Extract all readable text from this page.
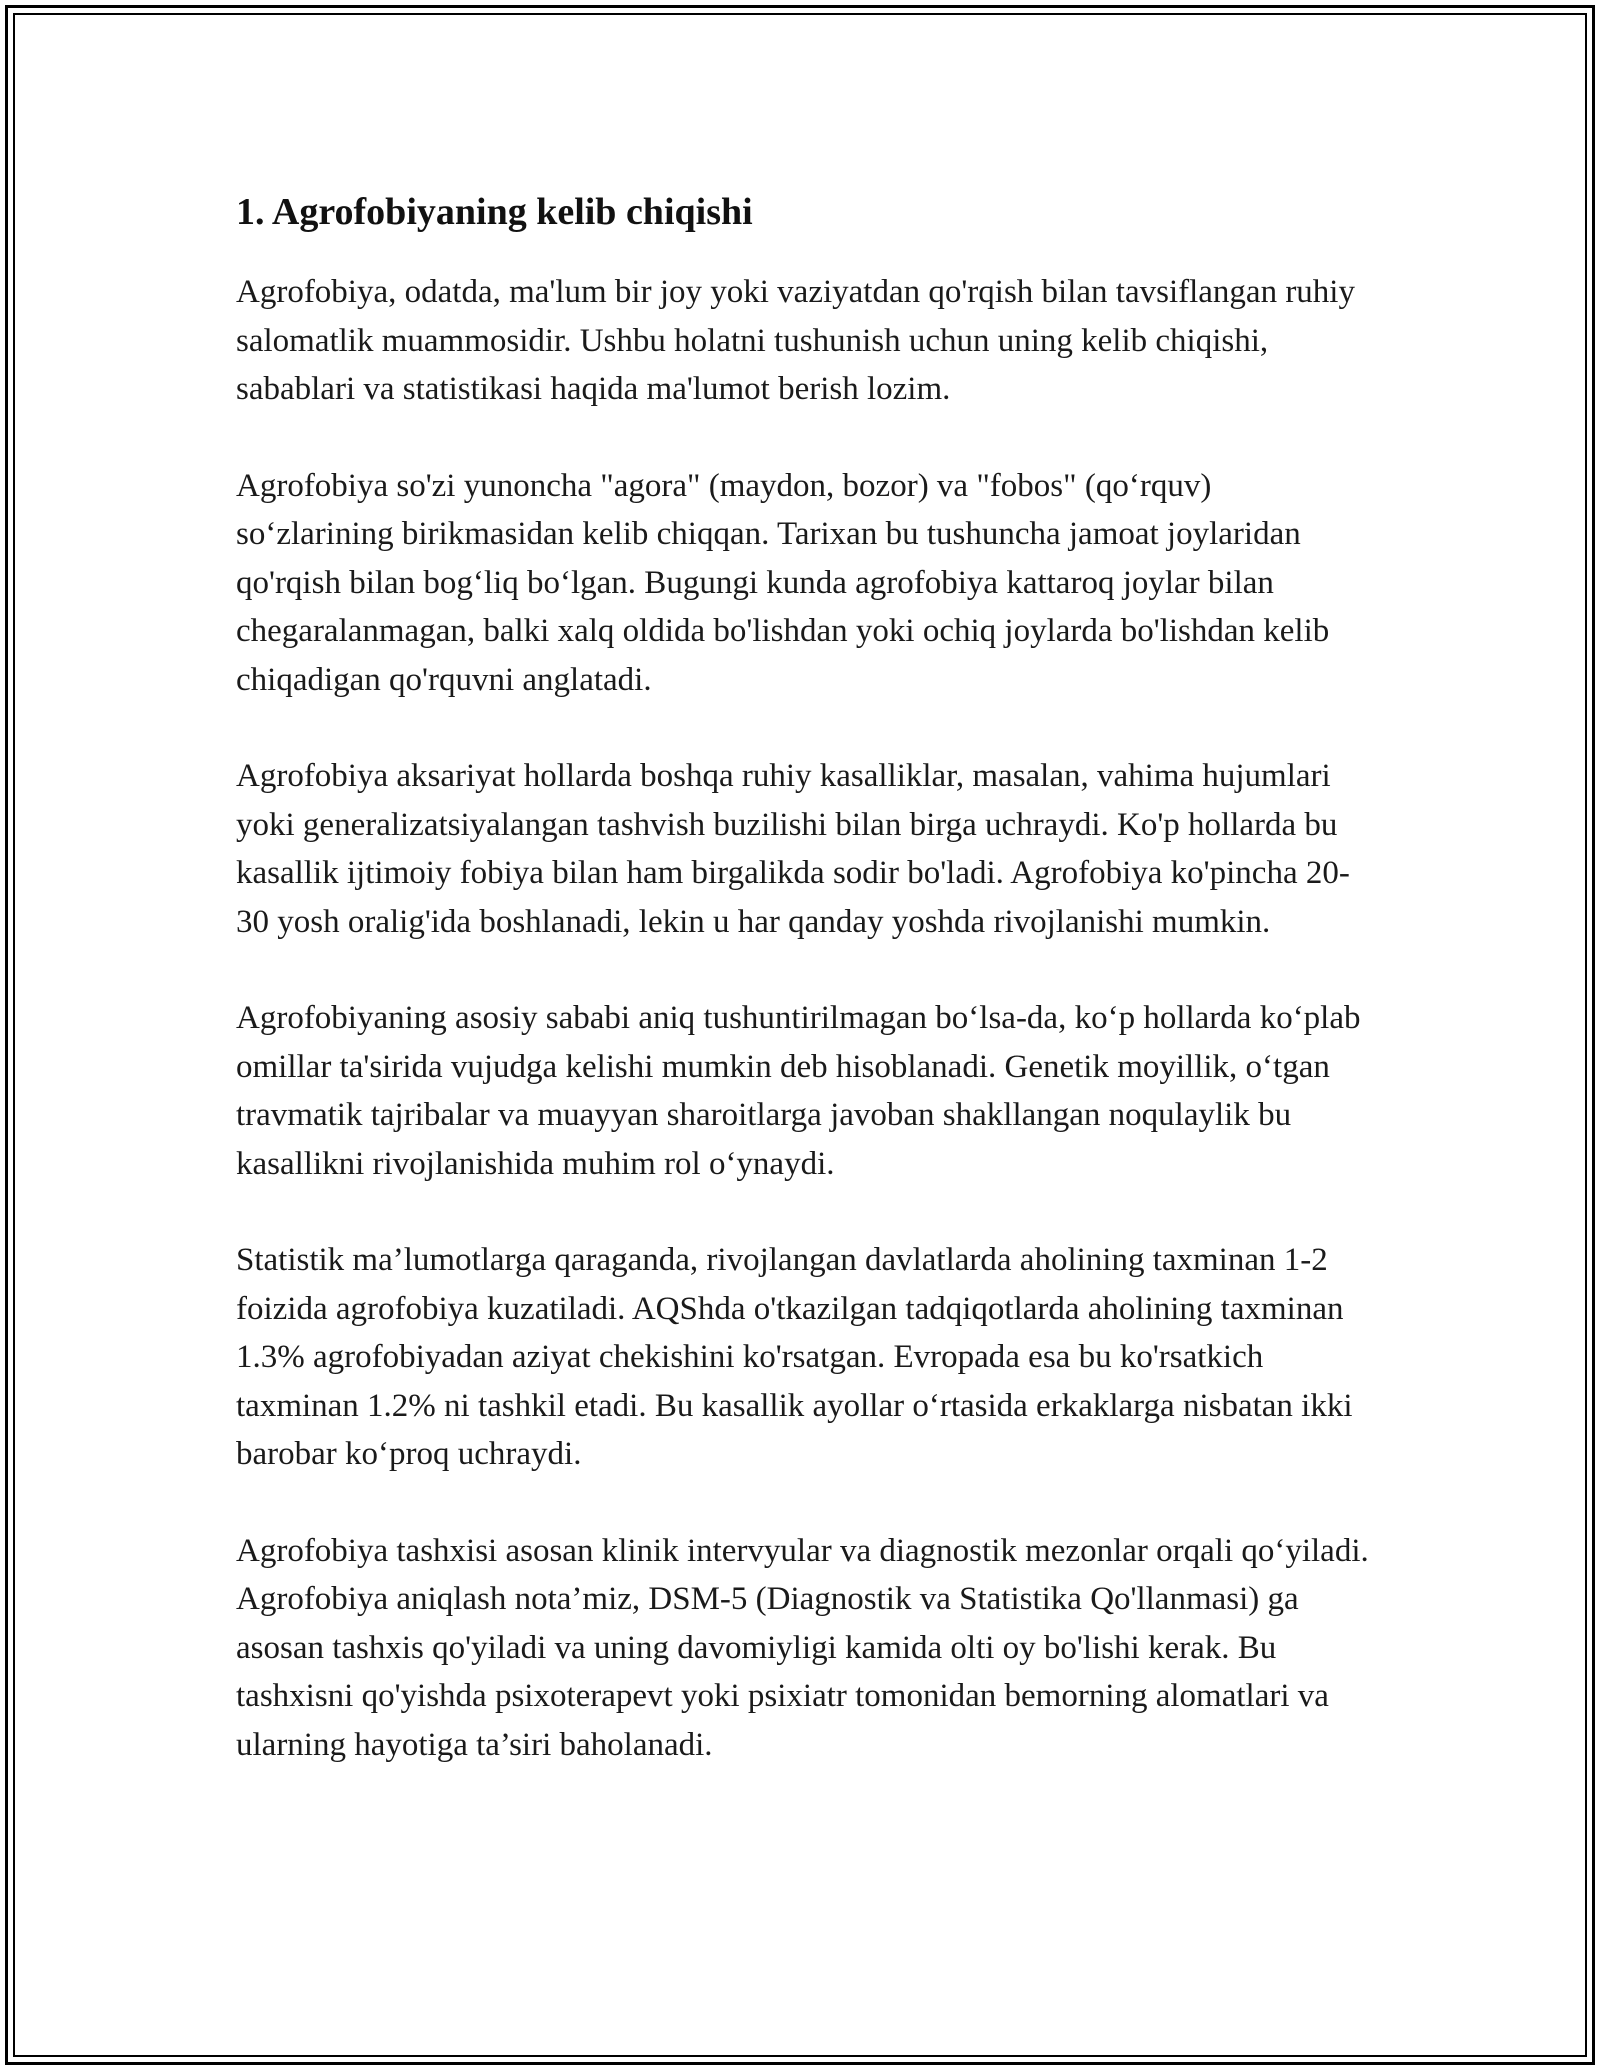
1. Agrofobiyaning kelib chiqishi

Agrofobiya, odatda, ma'lum bir joy yoki vaziyatdan qo'rqish bilan tavsiflangan ruhiy salomatlik muammosidir. Ushbu holatni tushunish uchun uning kelib chiqishi, sabablari va statistikasi haqida ma'lumot berish lozim.

Agrofobiya so'zi yunoncha "agora" (maydon, bozor) va "fobos" (qo‘rquv) so‘zlarining birikmasidan kelib chiqqan. Tarixan bu tushuncha jamoat joylaridan qo'rqish bilan bog‘liq bo‘lgan. Bugungi kunda agrofobiya kattaroq joylar bilan chegaralanmagan, balki xalq oldida bo'lishdan yoki ochiq joylarda bo'lishdan kelib chiqadigan qo'rquvni anglatadi.

Agrofobiya aksariyat hollarda boshqa ruhiy kasalliklar, masalan, vahima hujumlari yoki generalizatsiyalangan tashvish buzilishi bilan birga uchraydi. Ko'p hollarda bu kasallik ijtimoiy fobiya bilan ham birgalikda sodir bo'ladi. Agrofobiya ko'pincha 20-30 yosh oralig'ida boshlanadi, lekin u har qanday yoshda rivojlanishi mumkin.

Agrofobiyaning asosiy sababi aniq tushuntirilmagan bo‘lsa-da, ko‘p hollarda ko‘plab omillar ta'sirida vujudga kelishi mumkin deb hisoblanadi. Genetik moyillik, o‘tgan travmatik tajribalar va muayyan sharoitlarga javoban shakllangan noqulaylik bu kasallikni rivojlanishida muhim rol o‘ynaydi.

Statistik ma’lumotlarga qaraganda, rivojlangan davlatlarda aholining taxminan 1-2 foizida agrofobiya kuzatiladi. AQShda o'tkazilgan tadqiqotlarda aholining taxminan 1.3% agrofobiyadan aziyat chekishini ko'rsatgan. Evropada esa bu ko'rsatkich taxminan 1.2% ni tashkil etadi. Bu kasallik ayollar o‘rtasida erkaklarga nisbatan ikki barobar ko‘proq uchraydi.

Agrofobiya tashxisi asosan klinik intervyular va diagnostik mezonlar orqali qo‘yiladi. Agrofobiya aniqlash nota’miz, DSM-5 (Diagnostik va Statistika Qo'llanmasi) ga asosan tashxis qo'yiladi va uning davomiyligi kamida olti oy bo'lishi kerak. Bu tashxisni qo'yishda psixoterapevt yoki psixiatr tomonidan bemorning alomatlari va ularning hayotiga ta’siri baholanadi.
